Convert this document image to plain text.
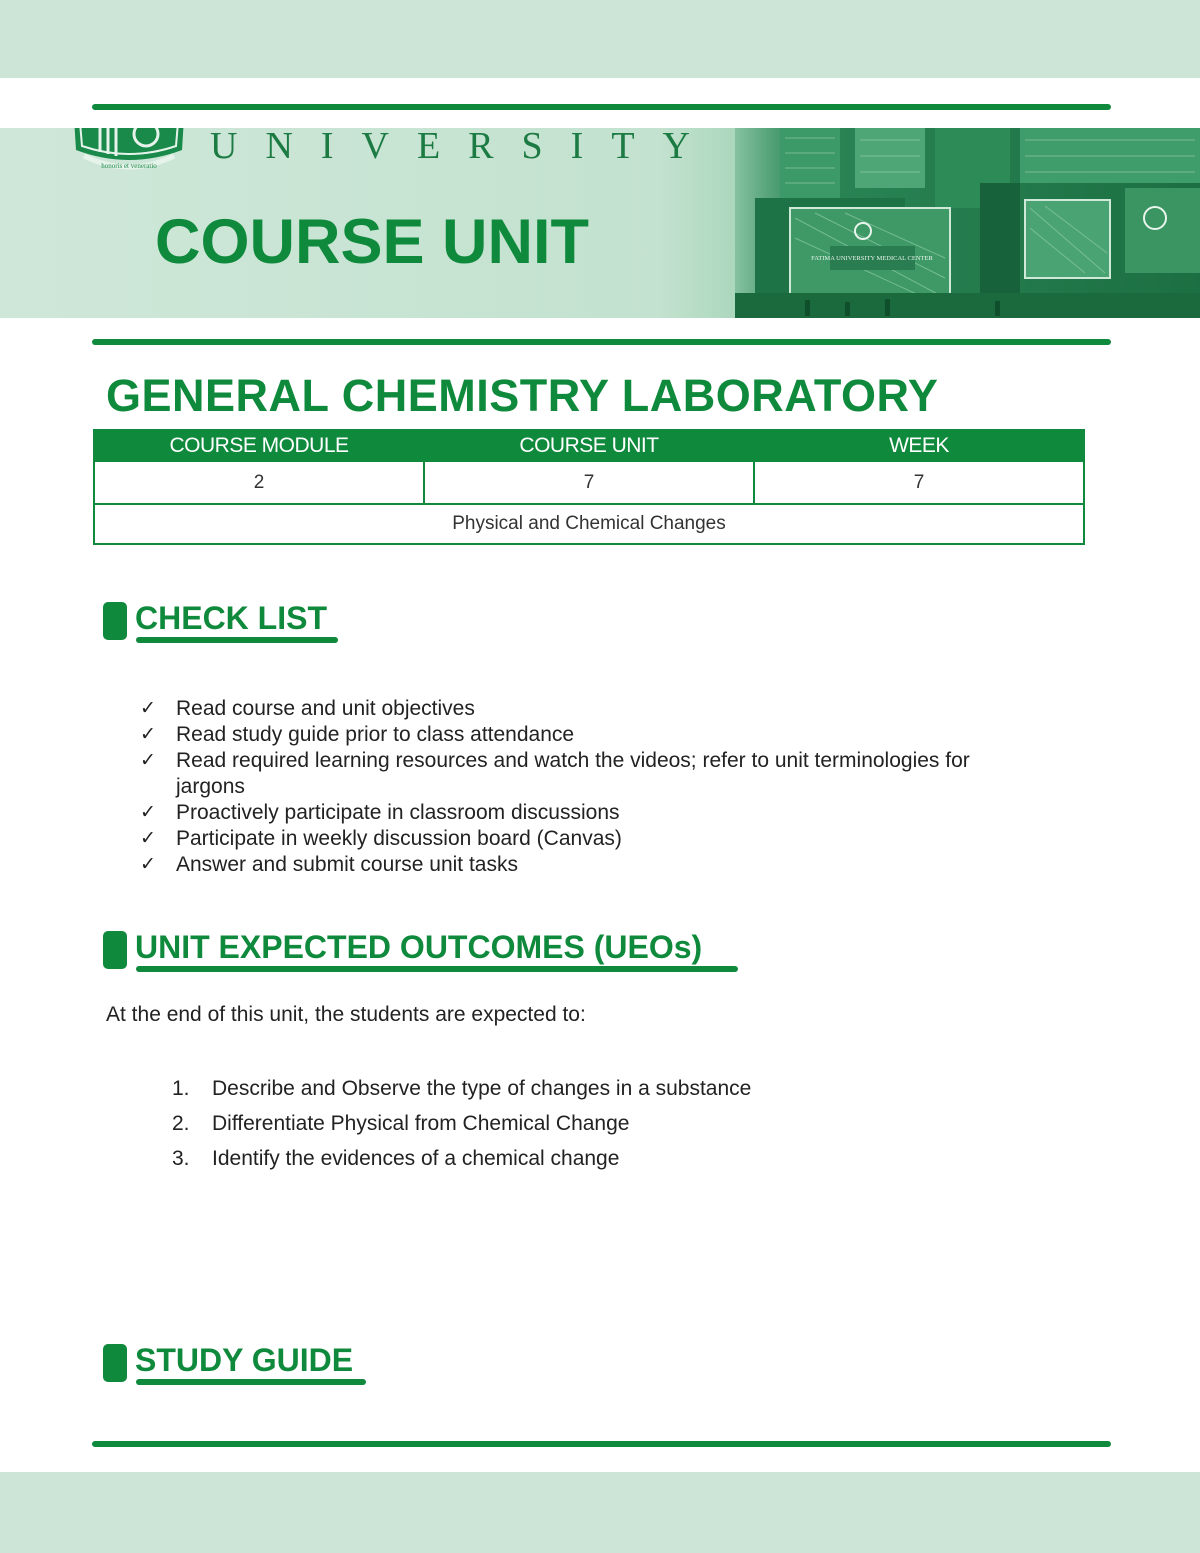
honoris et veneratio UNIVERSITY
COURSE UNIT	FATIMA UNIVERSITY MEDICAL CENTER
GENERAL CHEMISTRY LABORATORY
COURSE MODULE	COURSE UNIT	WEEK
2	7	7
Physical and Chemical Changes		
CHECK LIST
✓ Read course and unit objectives
✓ Read study guide prior to class attendance
✓ Read required learning resources and watch the videos; refer to unit terminologies for jargons
✓ Proactively participate in classroom discussions
✓ Participate in weekly discussion board (Canvas)
✓ Answer and submit course unit tasks
UNIT EXPECTED OUTCOMES (UEOs)
At the end of this unit, the students are expected to:
1. Describe and Observe the type of changes in a substance
2. Differentiate Physical from Chemical Change
3. Identify the evidences of a chemical change
STUDY GUIDE
